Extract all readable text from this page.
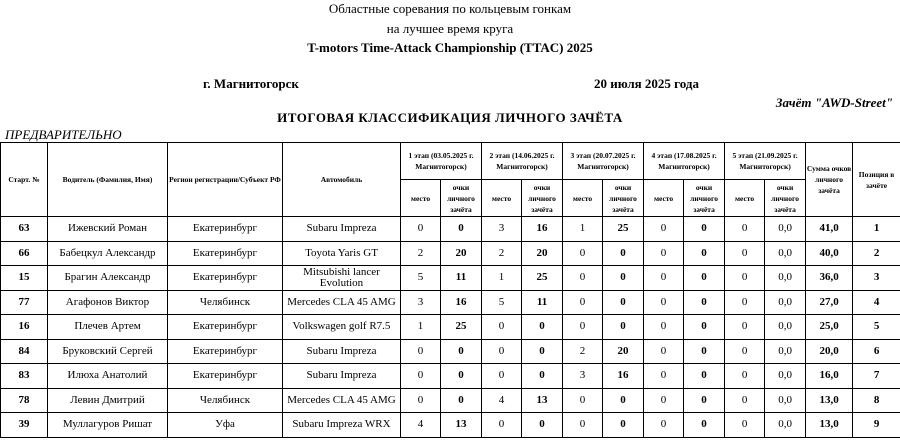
Областные соревания по кольцевым гонкам
на лучшее время круга
T-motors Time-Attack Championship (TTAC) 2025
г. Магнитогорск	20 июля 2025 года
Зачёт "AWD-Street"
ИТОГОВАЯ КЛАССИФИКАЦИЯ ЛИЧНОГО ЗАЧЁТА
ПРЕДВАРИТЕЛЬНО
Старт. №	Водитель (Фамилия, Имя)	Регион регистрации/Субъект РФ	Автомобиль	1 этап (03.05.2025 г. Магнитогорск)		2 этап (14.06.2025 г. Магнитогорск)		3 этап (20.07.2025 г. Магнитогорск)		4 этап (17.08.2025 г. Магнитогорск)		5 этап (21.09.2025 г. Магнитогорск)		Сумма очков личного зачёта	Позиция в зачёте
				место	очки личного зачёта	место	очки личного зачёта	место	очки личного зачёта	место	очки личного зачёта	место	очки личного зачёта		
63	Ижевский Роман	Екатеринбург	Subaru Impreza	0	0	3	16	1	25	0	0	0	0,0	41,0	1
66	Бабецкул Александр	Екатеринбург	Toyota Yaris GT	2	20	2	20	0	0	0	0	0	0,0	40,0	2
15	Брагин Александр	Екатеринбург	Mitsubishi lancer Evolution	5	11	1	25	0	0	0	0	0	0,0	36,0	3
77	Агафонов Виктор	Челябинск	Mercedes CLA 45 AMG	3	16	5	11	0	0	0	0	0	0,0	27,0	4
16	Плечев Артем	Екатеринбург	Volkswagen golf R7.5	1	25	0	0	0	0	0	0	0	0,0	25,0	5
84	Бруковский Сергей	Екатеринбург	Subaru Impreza	0	0	0	0	2	20	0	0	0	0,0	20,0	6
83	Илюха Анатолий	Екатеринбург	Subaru Impreza	0	0	0	0	3	16	0	0	0	0,0	16,0	7
78	Левин Дмитрий	Челябинск	Mercedes CLA 45 AMG	0	0	4	13	0	0	0	0	0	0,0	13,0	8
39	Муллагуров Ришат	Уфа	Subaru Impreza WRX	4	13	0	0	0	0	0	0	0	0,0	13,0	9
